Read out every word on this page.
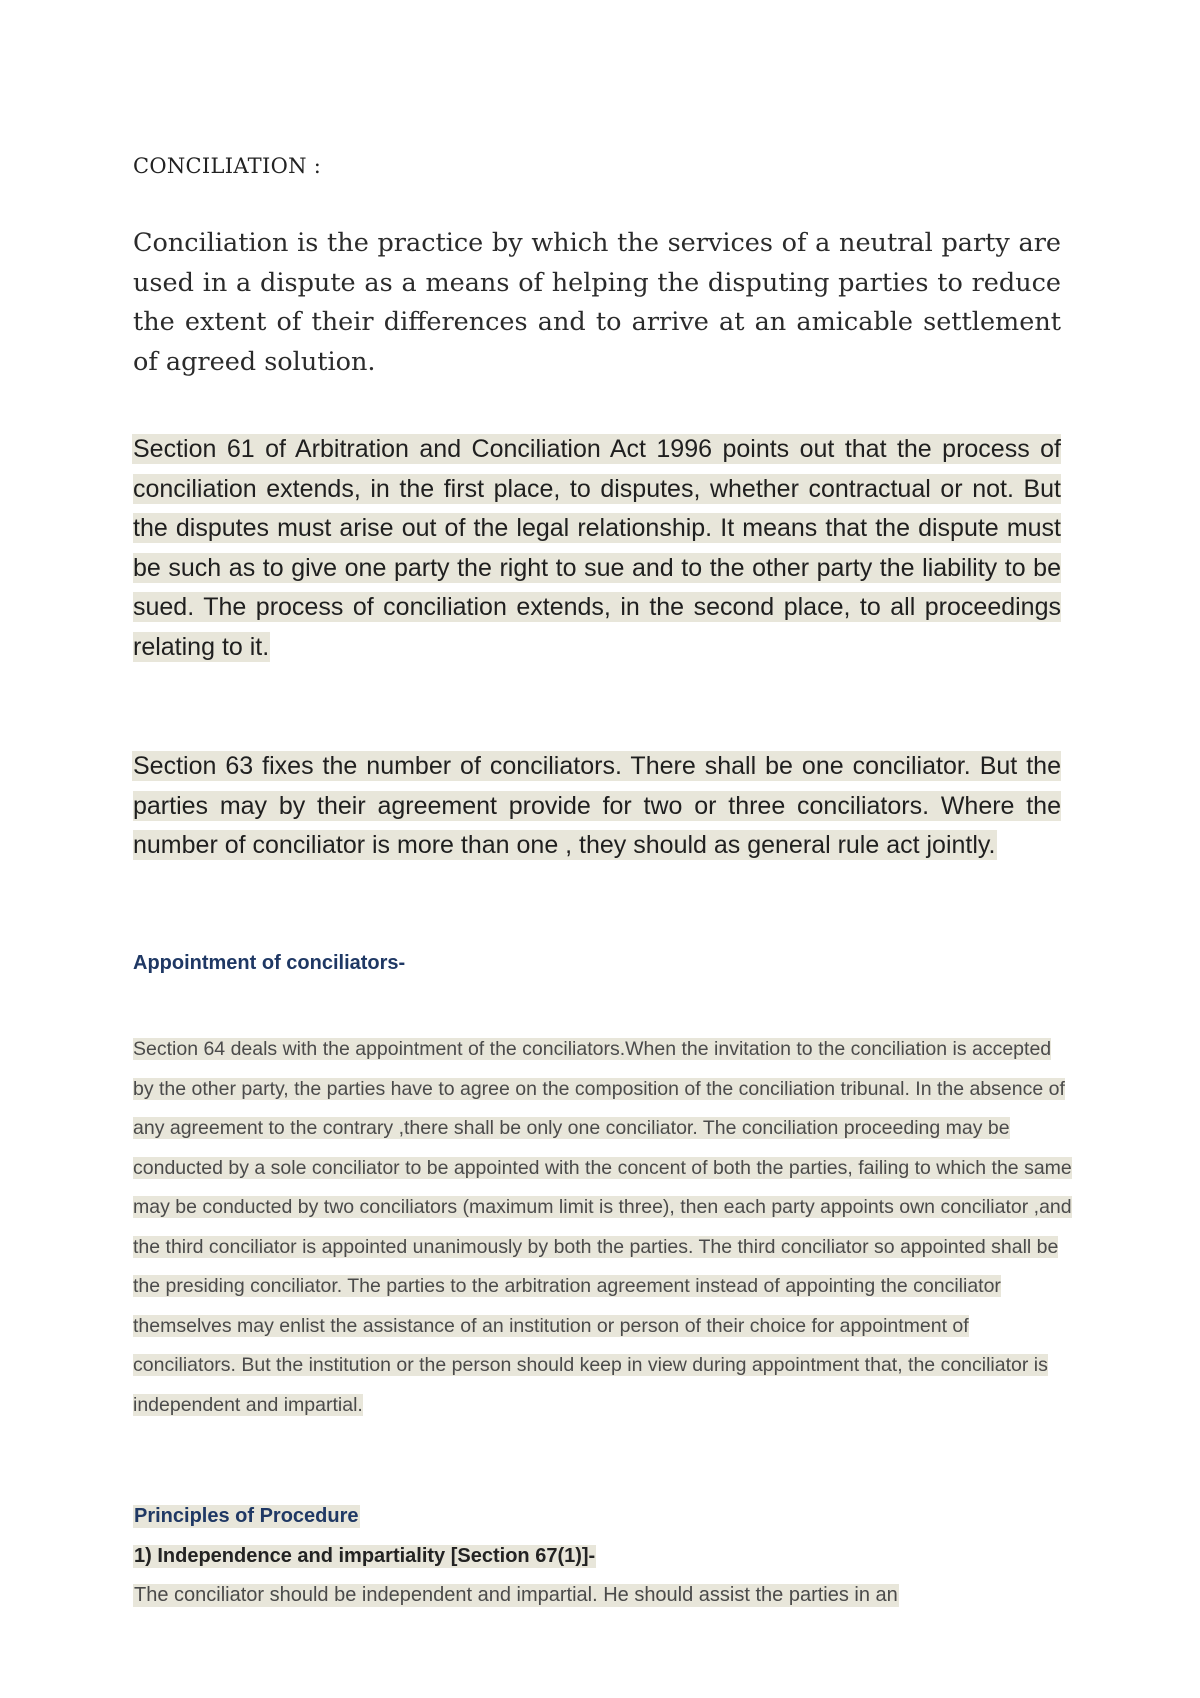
CONCILIATION :

Conciliation is the practice by which the services of a neutral party are used in a dispute as a means of helping the disputing parties to reduce the extent of their differences and to arrive at an amicable settlement of agreed solution.

Section 61 of Arbitration and Conciliation Act 1996 points out that the process of conciliation extends, in the first place, to disputes, whether contractual or not. But the disputes must arise out of the legal relationship. It means that the dispute must be such as to give one party the right to sue and to the other party the liability to be sued. The process of conciliation extends, in the second place, to all proceedings relating to it.

Section 63 fixes the number of conciliators. There shall be one conciliator. But the parties may by their agreement provide for two or three conciliators. Where the number of conciliator is more than one , they should as general rule act jointly.

Appointment of conciliators-

Section 64 deals with the appointment of the conciliators.When the invitation to the conciliation is accepted by the other party, the parties have to agree on the composition of the conciliation tribunal. In the absence of any agreement to the contrary ,there shall be only one conciliator. The conciliation proceeding may be conducted by a sole conciliator to be appointed with the concent of both the parties, failing to which the same may be conducted by two conciliators (maximum limit is three), then each party appoints own conciliator ,and the third conciliator is appointed unanimously by both the parties. The third conciliator so appointed shall be the presiding conciliator. The parties to the arbitration agreement instead of appointing the conciliator themselves may enlist the assistance of an institution or person of their choice for appointment of conciliators. But the institution or the person should keep in view during appointment that, the conciliator is independent and impartial.

Principles of Procedure

1) Independence and impartiality [Section 67(1)]-

The conciliator should be independent and impartial. He should assist the parties in an
